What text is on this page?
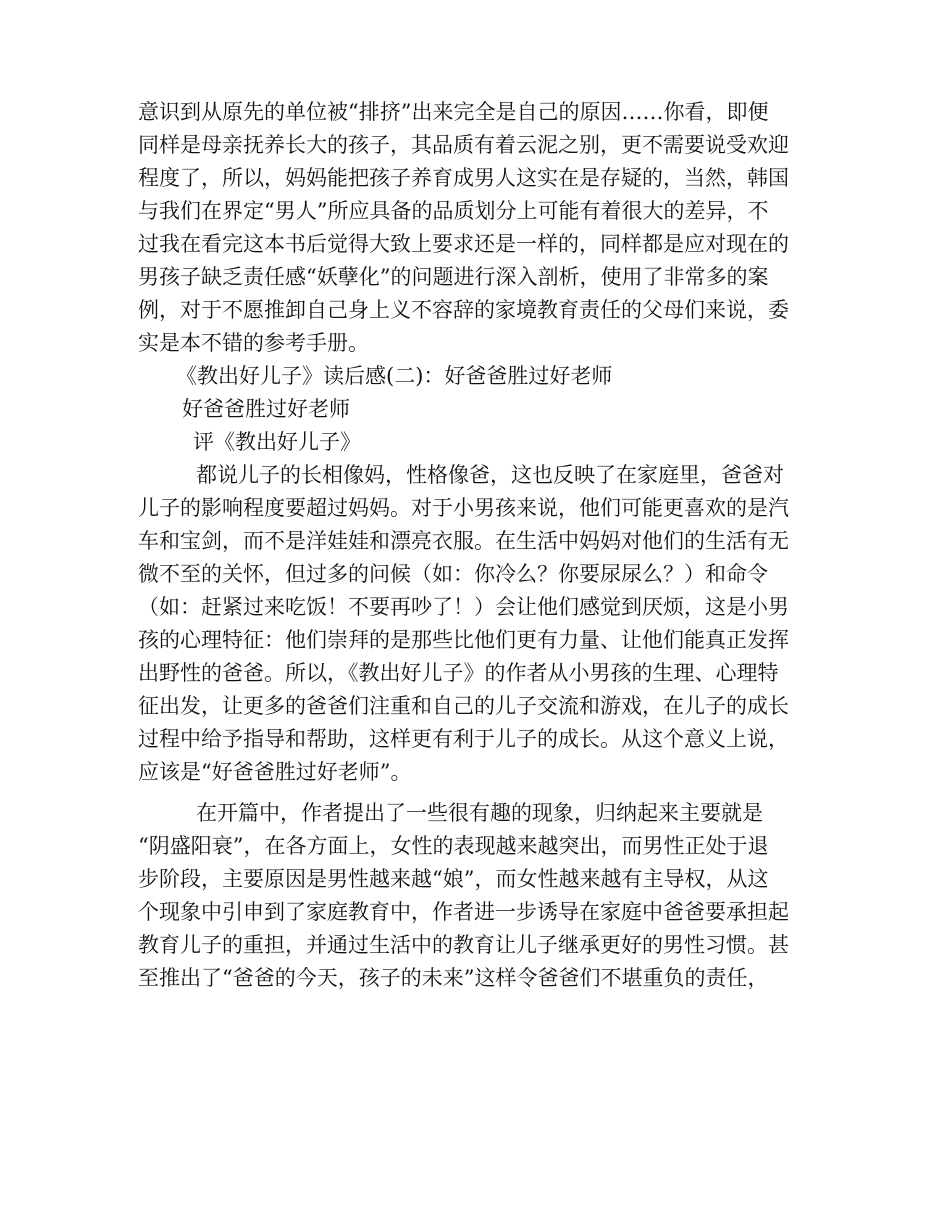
意识到从原先的单位被“排挤”出来完全是自己的原因……你看，即便
同样是母亲抚养长大的孩子，其品质有着云泥之别，更不需要说受欢迎
程度了，所以，妈妈能把孩子养育成男人这实在是存疑的，当然，韩国
与我们在界定“男人”所应具备的品质划分上可能有着很大的差异，不
过我在看完这本书后觉得大致上要求还是一样的，同样都是应对现在的
男孩子缺乏责任感“妖孽化”的问题进行深入剖析，使用了非常多的案
例，对于不愿推卸自己身上义不容辞的家境教育责任的父母们来说，委
实是本不错的参考手册。
《教出好儿子》读后感(二)：好爸爸胜过好老师
好爸爸胜过好老师
评《教出好儿子》
都说儿子的长相像妈，性格像爸，这也反映了在家庭里，爸爸对
儿子的影响程度要超过妈妈。对于小男孩来说，他们可能更喜欢的是汽
车和宝剑，而不是洋娃娃和漂亮衣服。在生活中妈妈对他们的生活有无
微不至的关怀，但过多的问候（如：你冷么？你要尿尿么？）和命令
（如：赶紧过来吃饭！不要再吵了！）会让他们感觉到厌烦，这是小男
孩的心理特征：他们崇拜的是那些比他们更有力量、让他们能真正发挥
出野性的爸爸。所以，《教出好儿子》的作者从小男孩的生理、心理特
征出发，让更多的爸爸们注重和自己的儿子交流和游戏，在儿子的成长
过程中给予指导和帮助，这样更有利于儿子的成长。从这个意义上说，
应该是“好爸爸胜过好老师”。
在开篇中，作者提出了一些很有趣的现象，归纳起来主要就是
“阴盛阳衰”，在各方面上，女性的表现越来越突出，而男性正处于退
步阶段，主要原因是男性越来越“娘”，而女性越来越有主导权，从这
个现象中引申到了家庭教育中，作者进一步诱导在家庭中爸爸要承担起
教育儿子的重担，并通过生活中的教育让儿子继承更好的男性习惯。甚
至推出了“爸爸的今天，孩子的未来”这样令爸爸们不堪重负的责任，
